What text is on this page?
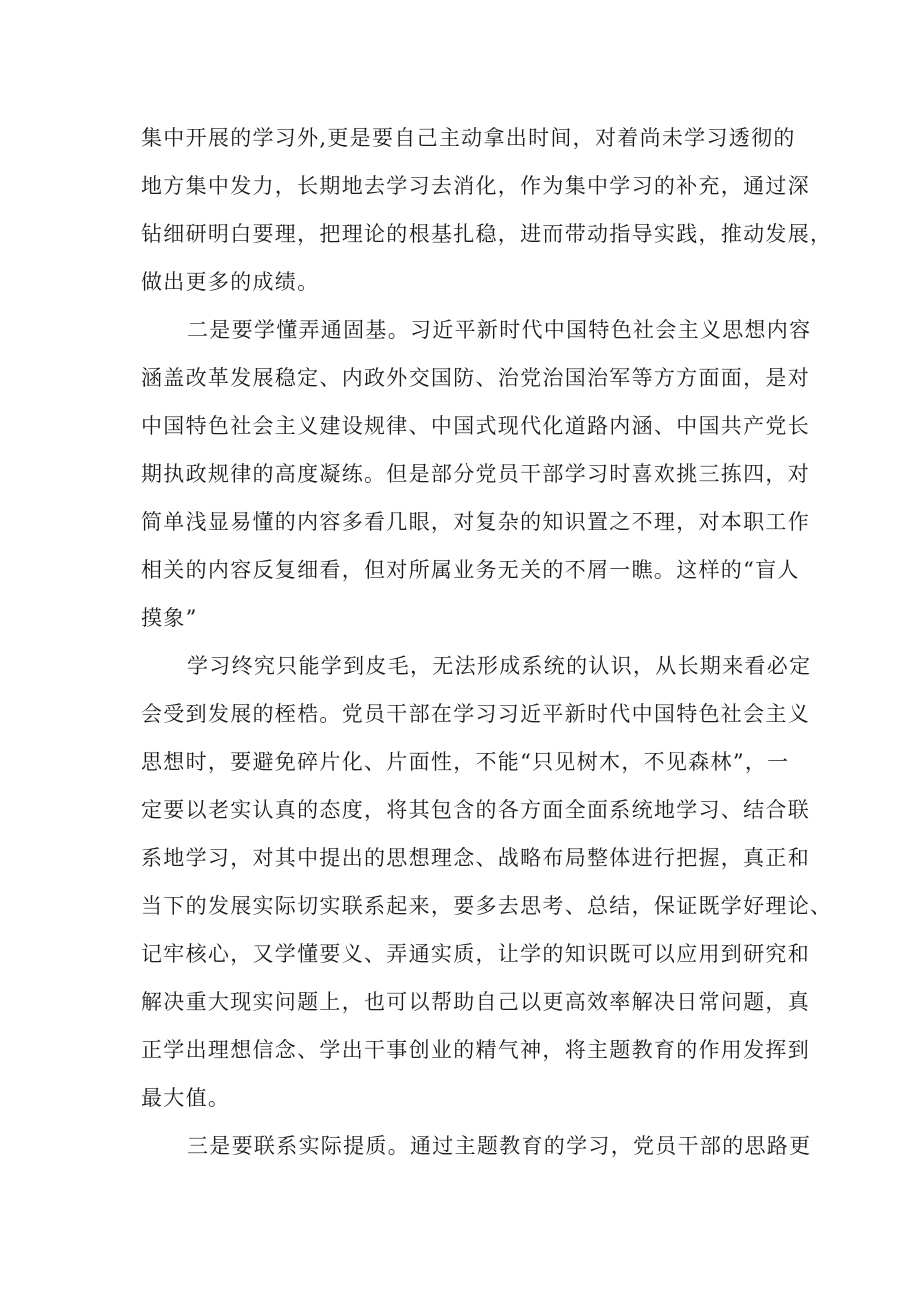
集中开展的学习外,更是要自己主动拿出时间，对着尚未学习透彻的
地方集中发力，长期地去学习去消化，作为集中学习的补充，通过深
钻细研明白要理，把理论的根基扎稳，进而带动指导实践，推动发展，
做出更多的成绩。
二是要学懂弄通固基。习近平新时代中国特色社会主义思想内容
涵盖改革发展稳定、内政外交国防、治党治国治军等方方面面，是对
中国特色社会主义建设规律、中国式现代化道路内涵、中国共产党长
期执政规律的高度凝练。但是部分党员干部学习时喜欢挑三拣四，对
简单浅显易懂的内容多看几眼，对复杂的知识置之不理，对本职工作
相关的内容反复细看，但对所属业务无关的不屑一瞧。这样的“盲人
摸象”
学习终究只能学到皮毛，无法形成系统的认识，从长期来看必定
会受到发展的桎梏。党员干部在学习习近平新时代中国特色社会主义
思想时，要避免碎片化、片面性，不能“只见树木，不见森林”，一
定要以老实认真的态度，将其包含的各方面全面系统地学习、结合联
系地学习，对其中提出的思想理念、战略布局整体进行把握，真正和
当下的发展实际切实联系起来，要多去思考、总结，保证既学好理论、
记牢核心，又学懂要义、弄通实质，让学的知识既可以应用到研究和
解决重大现实问题上，也可以帮助自己以更高效率解决日常问题，真
正学出理想信念、学出干事创业的精气神，将主题教育的作用发挥到
最大值。
三是要联系实际提质。通过主题教育的学习，党员干部的思路更
